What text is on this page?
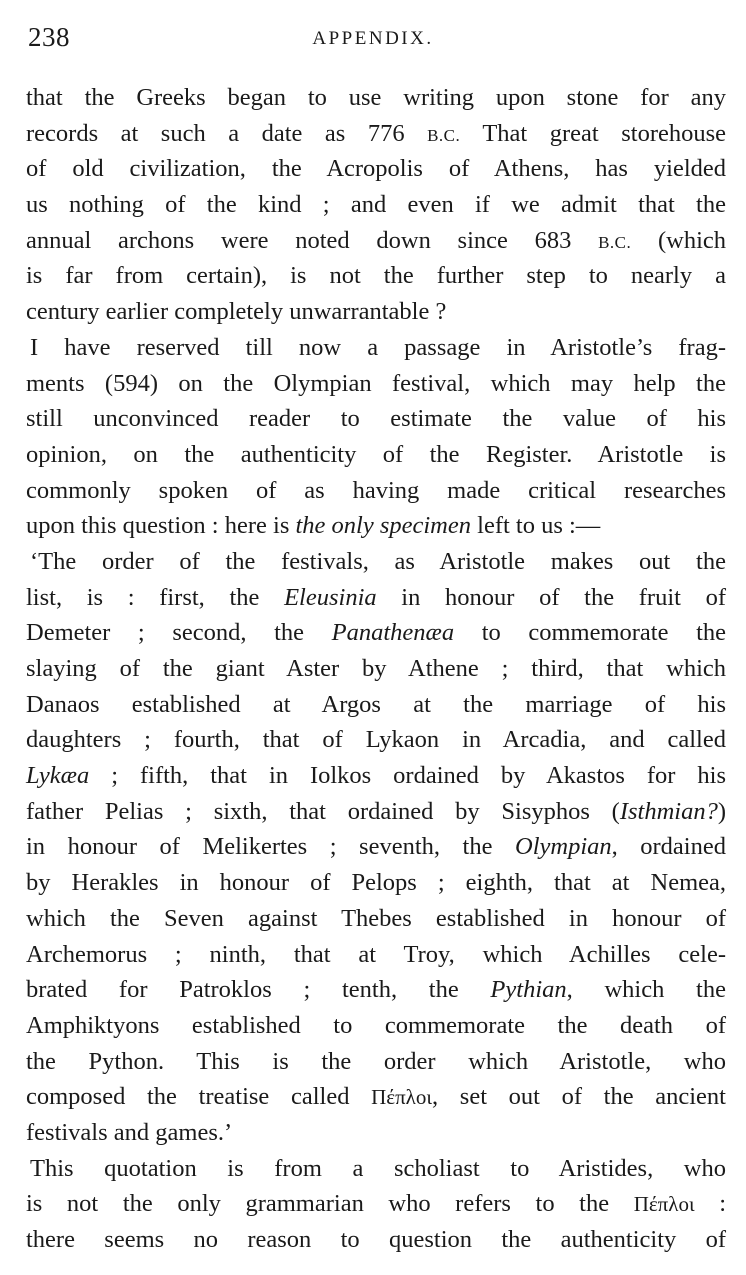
238	APPENDIX.
that the Greeks began to use writing upon stone for any
records at such a date as 776 B.C. That great storehouse
of old civilization, the Acropolis of Athens, has yielded
us nothing of the kind ; and even if we admit that the
annual archons were noted down since 683 B.C. (which
is far from certain), is not the further step to nearly a
century earlier completely unwarrantable ?
I have reserved till now a passage in Aristotle’s frag-
ments (594) on the Olympian festival, which may help the
still unconvinced reader to estimate the value of his
opinion, on the authenticity of the Register. Aristotle is
commonly spoken of as having made critical researches
upon this question : here is the only specimen left to us :—
‘The order of the festivals, as Aristotle makes out the
list, is : first, the Eleusinia in honour of the fruit of
Demeter ; second, the Panathenæa to commemorate the
slaying of the giant Aster by Athene ; third, that which
Danaos established at Argos at the marriage of his
daughters ; fourth, that of Lykaon in Arcadia, and called
Lykæa ; fifth, that in Iolkos ordained by Akastos for his
father Pelias ; sixth, that ordained by Sisyphos (Isthmian?)
in honour of Melikertes ; seventh, the Olympian, ordained
by Herakles in honour of Pelops ; eighth, that at Nemea,
which the Seven against Thebes established in honour of
Archemorus ; ninth, that at Troy, which Achilles cele-
brated for Patroklos ; tenth, the Pythian, which the
Amphiktyons established to commemorate the death of
the Python. This is the order which Aristotle, who
composed the treatise called Πέπλοι, set out of the ancient
festivals and games.’
This quotation is from a scholiast to Aristides, who
is not the only grammarian who refers to the Πέπλοι :
there seems no reason to question the authenticity of
